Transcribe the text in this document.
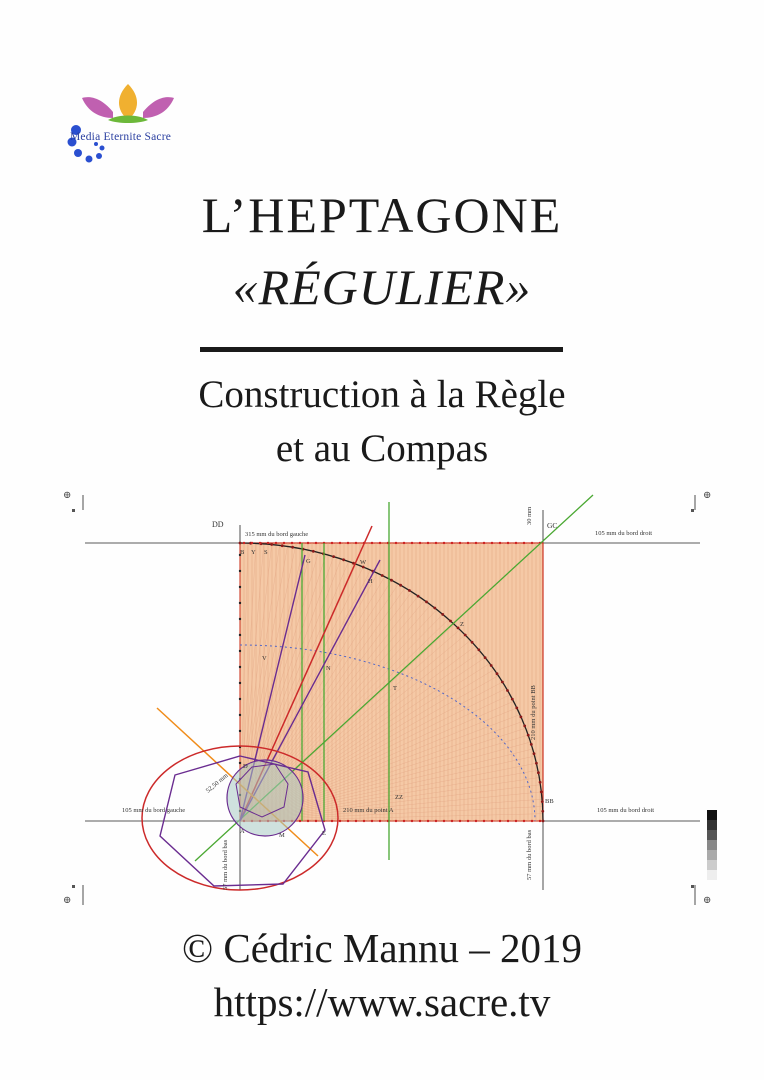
Media Eternite Sacre
L’HEPTAGONE
«RÉGULIER»
Construction à la Règle
et au Compas
⊕	⊕
⊕	⊕
DD	GC
BB
ZZ
315 mm du bord gauche	105 mm du bord droit
105 mm du bord gauche	105 mm du bord droit
210 mm du point A
30 mm
210 mm du point BB
57 mm du bord bas
57 mm du bord bas
52,50 mm
B Y S
G	W
H
Z
V
N
D
A
M	E
T
© Cédric Mannu – 2019
https://www.sacre.tv
